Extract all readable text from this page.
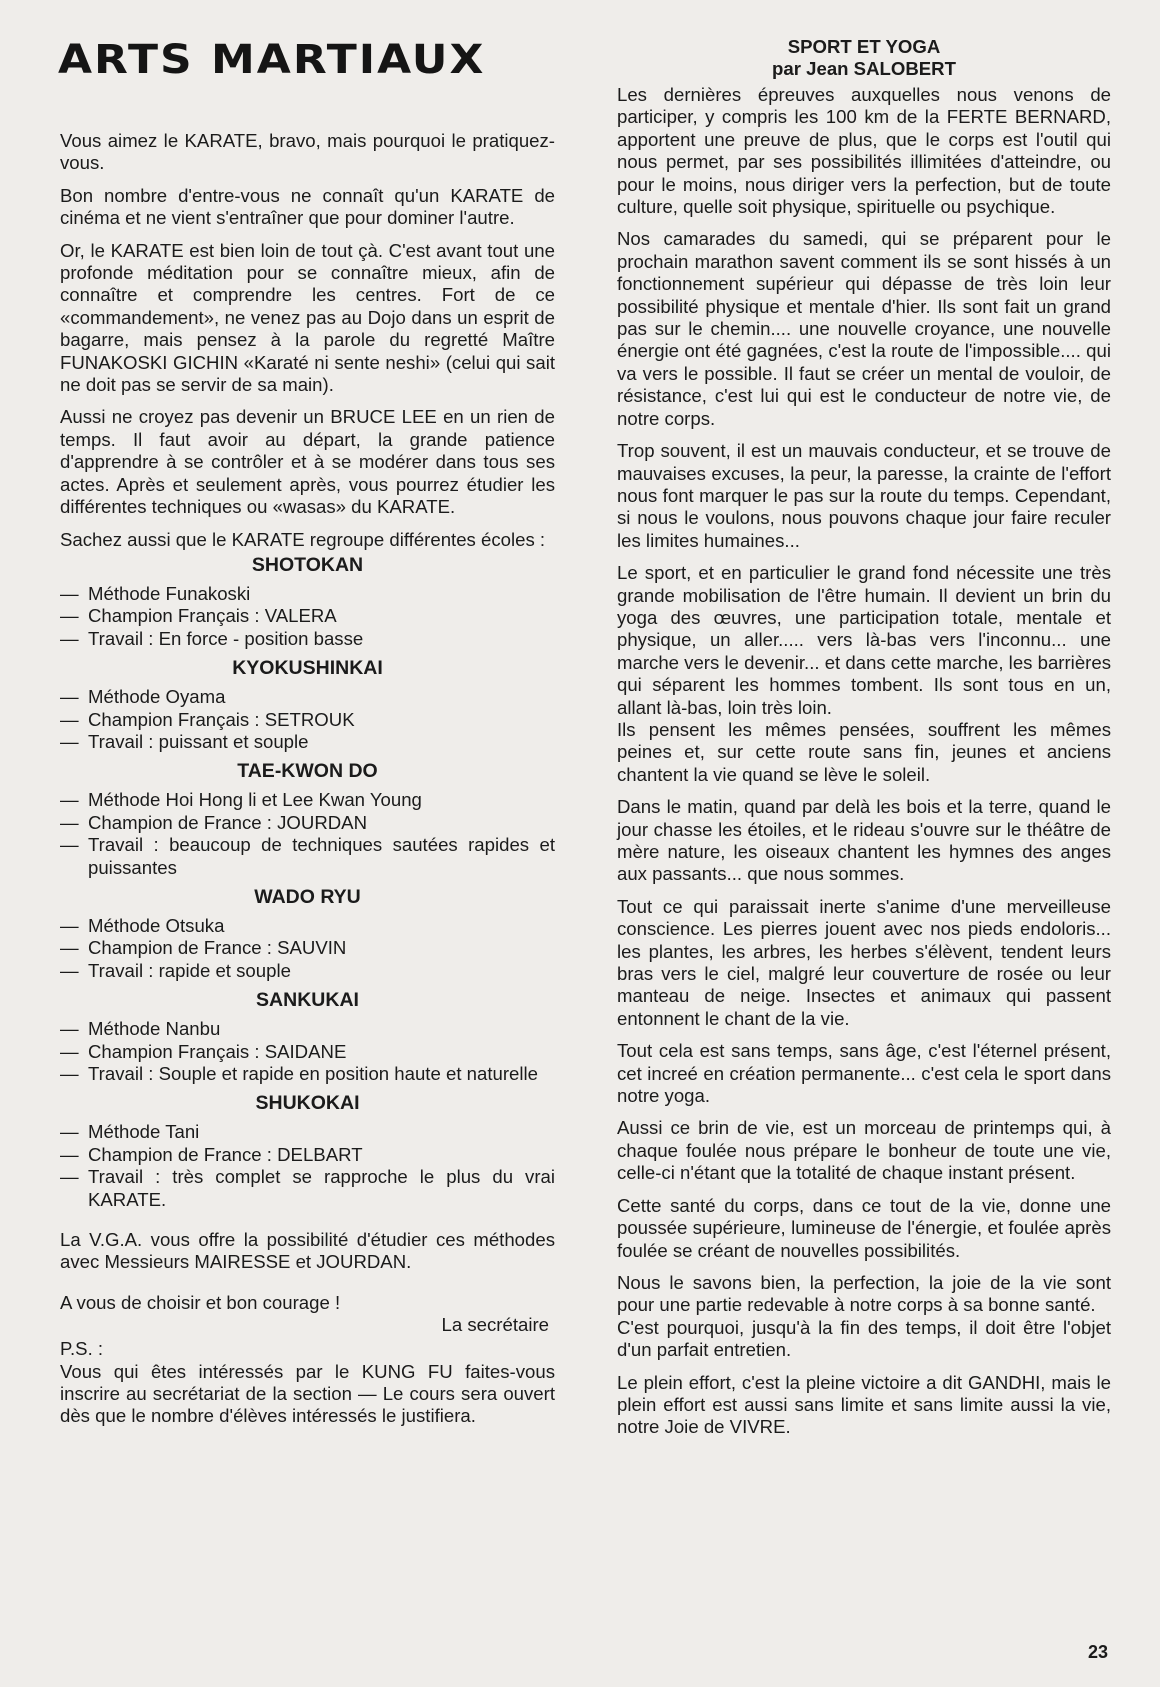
ARTS MARTIAUX

Vous aimez le KARATE, bravo, mais pourquoi le pratiquez-vous.

Bon nombre d'entre-vous ne connaît qu'un KARATE de cinéma et ne vient s'entraîner que pour dominer l'autre.

Or, le KARATE est bien loin de tout çà. C'est avant tout une profonde méditation pour se connaître mieux, afin de connaître et comprendre les centres. Fort de ce «commandement», ne venez pas au Dojo dans un esprit de bagarre, mais pensez à la parole du regretté Maître FUNAKOSKI GICHIN «Karaté ni sente neshi» (celui qui sait ne doit pas se servir de sa main).

Aussi ne croyez pas devenir un BRUCE LEE en un rien de temps. Il faut avoir au départ, la grande patience d'apprendre à se contrôler et à se modérer dans tous ses actes. Après et seulement après, vous pourrez étudier les différentes techniques ou «wasas» du KARATE.

Sachez aussi que le KARATE regroupe différentes écoles :

SHOTOKAN
— Méthode Funakoski
— Champion Français : VALERA
— Travail : En force - position basse
KYOKUSHINKAI
— Méthode Oyama
— Champion Français : SETROUK
— Travail : puissant et souple
TAE-KWON DO
— Méthode Hoi Hong li et Lee Kwan Young
— Champion de France : JOURDAN
— Travail : beaucoup de techniques sautées rapides et puissantes
WADO RYU
— Méthode Otsuka
— Champion de France : SAUVIN
— Travail : rapide et souple
SANKUKAI
— Méthode Nanbu
— Champion Français : SAIDANE
— Travail : Souple et rapide en position haute et naturelle
SHUKOKAI
— Méthode Tani
— Champion de France : DELBART
— Travail : très complet se rapproche le plus du vrai KARATE.

La V.G.A. vous offre la possibilité d'étudier ces méthodes avec Messieurs MAIRESSE et JOURDAN.

A vous de choisir et bon courage !

La secrétaire

P.S. :

Vous qui êtes intéressés par le KUNG FU faites-vous inscrire au secrétariat de la section — Le cours sera ouvert dès que le nombre d'élèves intéressés le justifiera.

SPORT ET YOGA

par Jean SALOBERT

Les dernières épreuves auxquelles nous venons de participer, y compris les 100 km de la FERTE BERNARD, apportent une preuve de plus, que le corps est l'outil qui nous permet, par ses possibilités illimitées d'atteindre, ou pour le moins, nous diriger vers la perfection, but de toute culture, quelle soit physique, spirituelle ou psychique.

Nos camarades du samedi, qui se préparent pour le prochain marathon savent comment ils se sont hissés à un fonctionnement supérieur qui dépasse de très loin leur possibilité physique et mentale d'hier. Ils sont fait un grand pas sur le chemin.... une nouvelle croyance, une nouvelle énergie ont été gagnées, c'est la route de l'impossible.... qui va vers le possible. Il faut se créer un mental de vouloir, de résistance, c'est lui qui est le conducteur de notre vie, de notre corps.

Trop souvent, il est un mauvais conducteur, et se trouve de mauvaises excuses, la peur, la paresse, la crainte de l'effort nous font marquer le pas sur la route du temps. Cependant, si nous le voulons, nous pouvons chaque jour faire reculer les limites humaines...

Le sport, et en particulier le grand fond nécessite une très grande mobilisation de l'être humain. Il devient un brin du yoga des œuvres, une participation totale, mentale et physique, un aller..... vers là-bas vers l'inconnu... une marche vers le devenir... et dans cette marche, les barrières qui séparent les hommes tombent. Ils sont tous en un, allant là-bas, loin très loin.

Ils pensent les mêmes pensées, souffrent les mêmes peines et, sur cette route sans fin, jeunes et anciens chantent la vie quand se lève le soleil.

Dans le matin, quand par delà les bois et la terre, quand le jour chasse les étoiles, et le rideau s'ouvre sur le théâtre de mère nature, les oiseaux chantent les hymnes des anges aux passants... que nous sommes.

Tout ce qui paraissait inerte s'anime d'une merveilleuse conscience. Les pierres jouent avec nos pieds endoloris... les plantes, les arbres, les herbes s'élèvent, tendent leurs bras vers le ciel, malgré leur couverture de rosée ou leur manteau de neige. Insectes et animaux qui passent entonnent le chant de la vie.

Tout cela est sans temps, sans âge, c'est l'éternel présent, cet increé en création permanente... c'est cela le sport dans notre yoga.

Aussi ce brin de vie, est un morceau de printemps qui, à chaque foulée nous prépare le bonheur de toute une vie, celle-ci n'étant que la totalité de chaque instant présent.

Cette santé du corps, dans ce tout de la vie, donne une poussée supérieure, lumineuse de l'énergie, et foulée après foulée se créant de nouvelles possibilités.

Nous le savons bien, la perfection, la joie de la vie sont pour une partie redevable à notre corps à sa bonne santé.

C'est pourquoi, jusqu'à la fin des temps, il doit être l'objet d'un parfait entretien.

Le plein effort, c'est la pleine victoire a dit GANDHI, mais le plein effort est aussi sans limite et sans limite aussi la vie, notre Joie de VIVRE.

23
